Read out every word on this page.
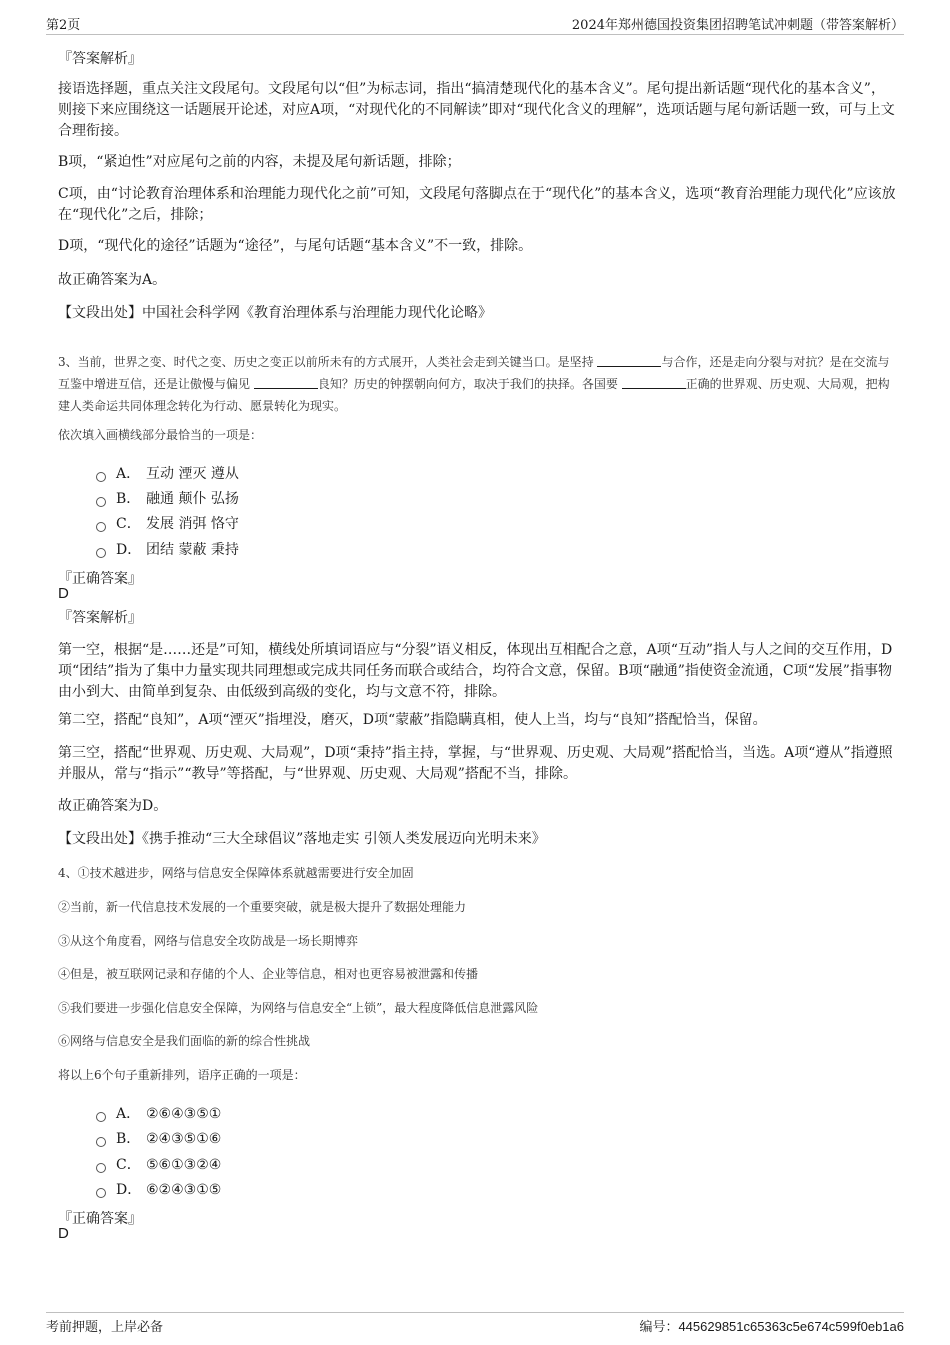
第2页	2024年郑州德国投资集团招聘笔试冲刺题（带答案解析）
『答案解析』
接语选择题，重点关注文段尾句。文段尾句以“但”为标志词，指出“搞清楚现代化的基本含义”。尾句提出新话题“现代化的基本含义”，则接下来应围绕这一话题展开论述，对应A项，“对现代化的不同解读”即对“现代化含义的理解”，选项话题与尾句新话题一致，可与上文合理衔接。
B项，“紧迫性”对应尾句之前的内容，未提及尾句新话题，排除；
C项，由“讨论教育治理体系和治理能力现代化之前”可知，文段尾句落脚点在于“现代化”的基本含义，选项“教育治理能力现代化”应该放在“现代化”之后，排除；
D项，“现代化的途径”话题为“途径”，与尾句话题“基本含义”不一致，排除。
故正确答案为A。
【文段出处】中国社会科学网《教育治理体系与治理能力现代化论略》
3、当前，世界之变、时代之变、历史之变正以前所未有的方式展开，人类社会走到关键当口。是坚持	与合作，还是走向分裂与对抗？是在交流与互鉴中增进互信，还是让傲慢与偏见	良知？历史的钟摆朝向何方，取决于我们的抉择。各国要	正确的世界观、历史观、大局观，把构建人类命运共同体理念转化为行动、愿景转化为现实。
依次填入画横线部分最恰当的一项是：
A． 互动 湮灭 遵从
B． 融通 颠仆 弘扬
C． 发展 消弭 恪守
D． 团结 蒙蔽 秉持
『正确答案』
D
『答案解析』
第一空，根据“是……还是”可知，横线处所填词语应与“分裂”语义相反，体现出互相配合之意，A项“互动”指人与人之间的交互作用，D项“团结”指为了集中力量实现共同理想或完成共同任务而联合或结合，均符合文意，保留。B项“融通”指使资金流通，C项“发展”指事物由小到大、由简单到复杂、由低级到高级的变化，均与文意不符，排除。
第二空，搭配“良知”，A项“湮灭”指埋没，磨灭，D项“蒙蔽”指隐瞒真相，使人上当，均与“良知”搭配恰当，保留。
第三空，搭配“世界观、历史观、大局观”，D项“秉持”指主持，掌握，与“世界观、历史观、大局观”搭配恰当，当选。A项“遵从”指遵照并服从，常与“指示”“教导”等搭配，与“世界观、历史观、大局观”搭配不当，排除。
故正确答案为D。
【文段出处】《携手推动“三大全球倡议”落地走实 引领人类发展迈向光明未来》
4、①技术越进步，网络与信息安全保障体系就越需要进行安全加固
②当前，新一代信息技术发展的一个重要突破，就是极大提升了数据处理能力
③从这个角度看，网络与信息安全攻防战是一场长期博弈
④但是，被互联网记录和存储的个人、企业等信息，相对也更容易被泄露和传播
⑤我们要进一步强化信息安全保障，为网络与信息安全“上锁”，最大程度降低信息泄露风险
⑥网络与信息安全是我们面临的新的综合性挑战
将以上6个句子重新排列，语序正确的一项是：
A． ②⑥④③⑤①
B． ②④③⑤①⑥
C． ⑤⑥①③②④
D． ⑥②④③①⑤
『正确答案』
D
考前押题，上岸必备	编号：445629851c65363c5e674c599f0eb1a6
